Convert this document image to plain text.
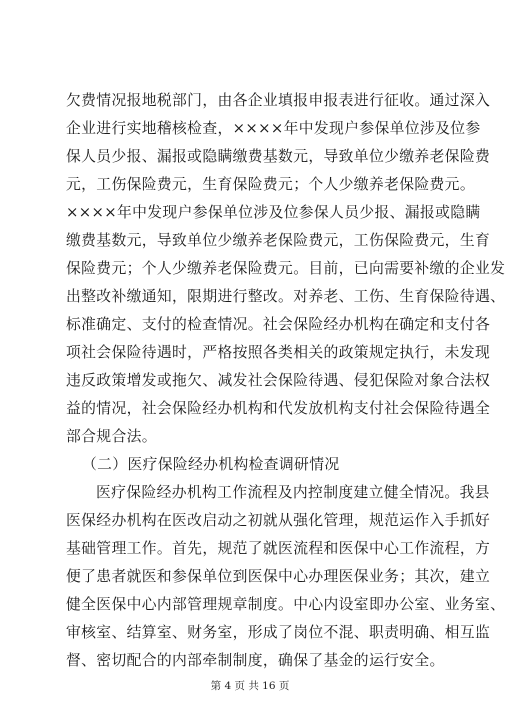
欠费情况报地税部门，由各企业填报申报表进行征收。通过深入
企业进行实地稽核检查，××××年中发现户参保单位涉及位参
保人员少报、漏报或隐瞒缴费基数元，导致单位少缴养老保险费
元，工伤保险费元，生育保险费元；个人少缴养老保险费元。
××××年中发现户参保单位涉及位参保人员少报、漏报或隐瞒
缴费基数元，导致单位少缴养老保险费元，工伤保险费元，生育
保险费元；个人少缴养老保险费元。目前，已向需要补缴的企业发
出整改补缴通知，限期进行整改。对养老、工伤、生育保险待遇、
标准确定、支付的检查情况。社会保险经办机构在确定和支付各
项社会保险待遇时，严格按照各类相关的政策规定执行，未发现
违反政策增发或拖欠、减发社会保险待遇、侵犯保险对象合法权
益的情况，社会保险经办机构和代发放机构支付社会保险待遇全
部合规合法。
（二）医疗保险经办机构检查调研情况
医疗保险经办机构工作流程及内控制度建立健全情况。我县
医保经办机构在医改启动之初就从强化管理，规范运作入手抓好
基础管理工作。首先，规范了就医流程和医保中心工作流程，方
便了患者就医和参保单位到医保中心办理医保业务；其次，建立
健全医保中心内部管理规章制度。中心内设室即办公室、业务室、
审核室、结算室、财务室，形成了岗位不混、职责明确、相互监
督、密切配合的内部牵制制度，确保了基金的运行安全。
第 4 页 共 16 页
